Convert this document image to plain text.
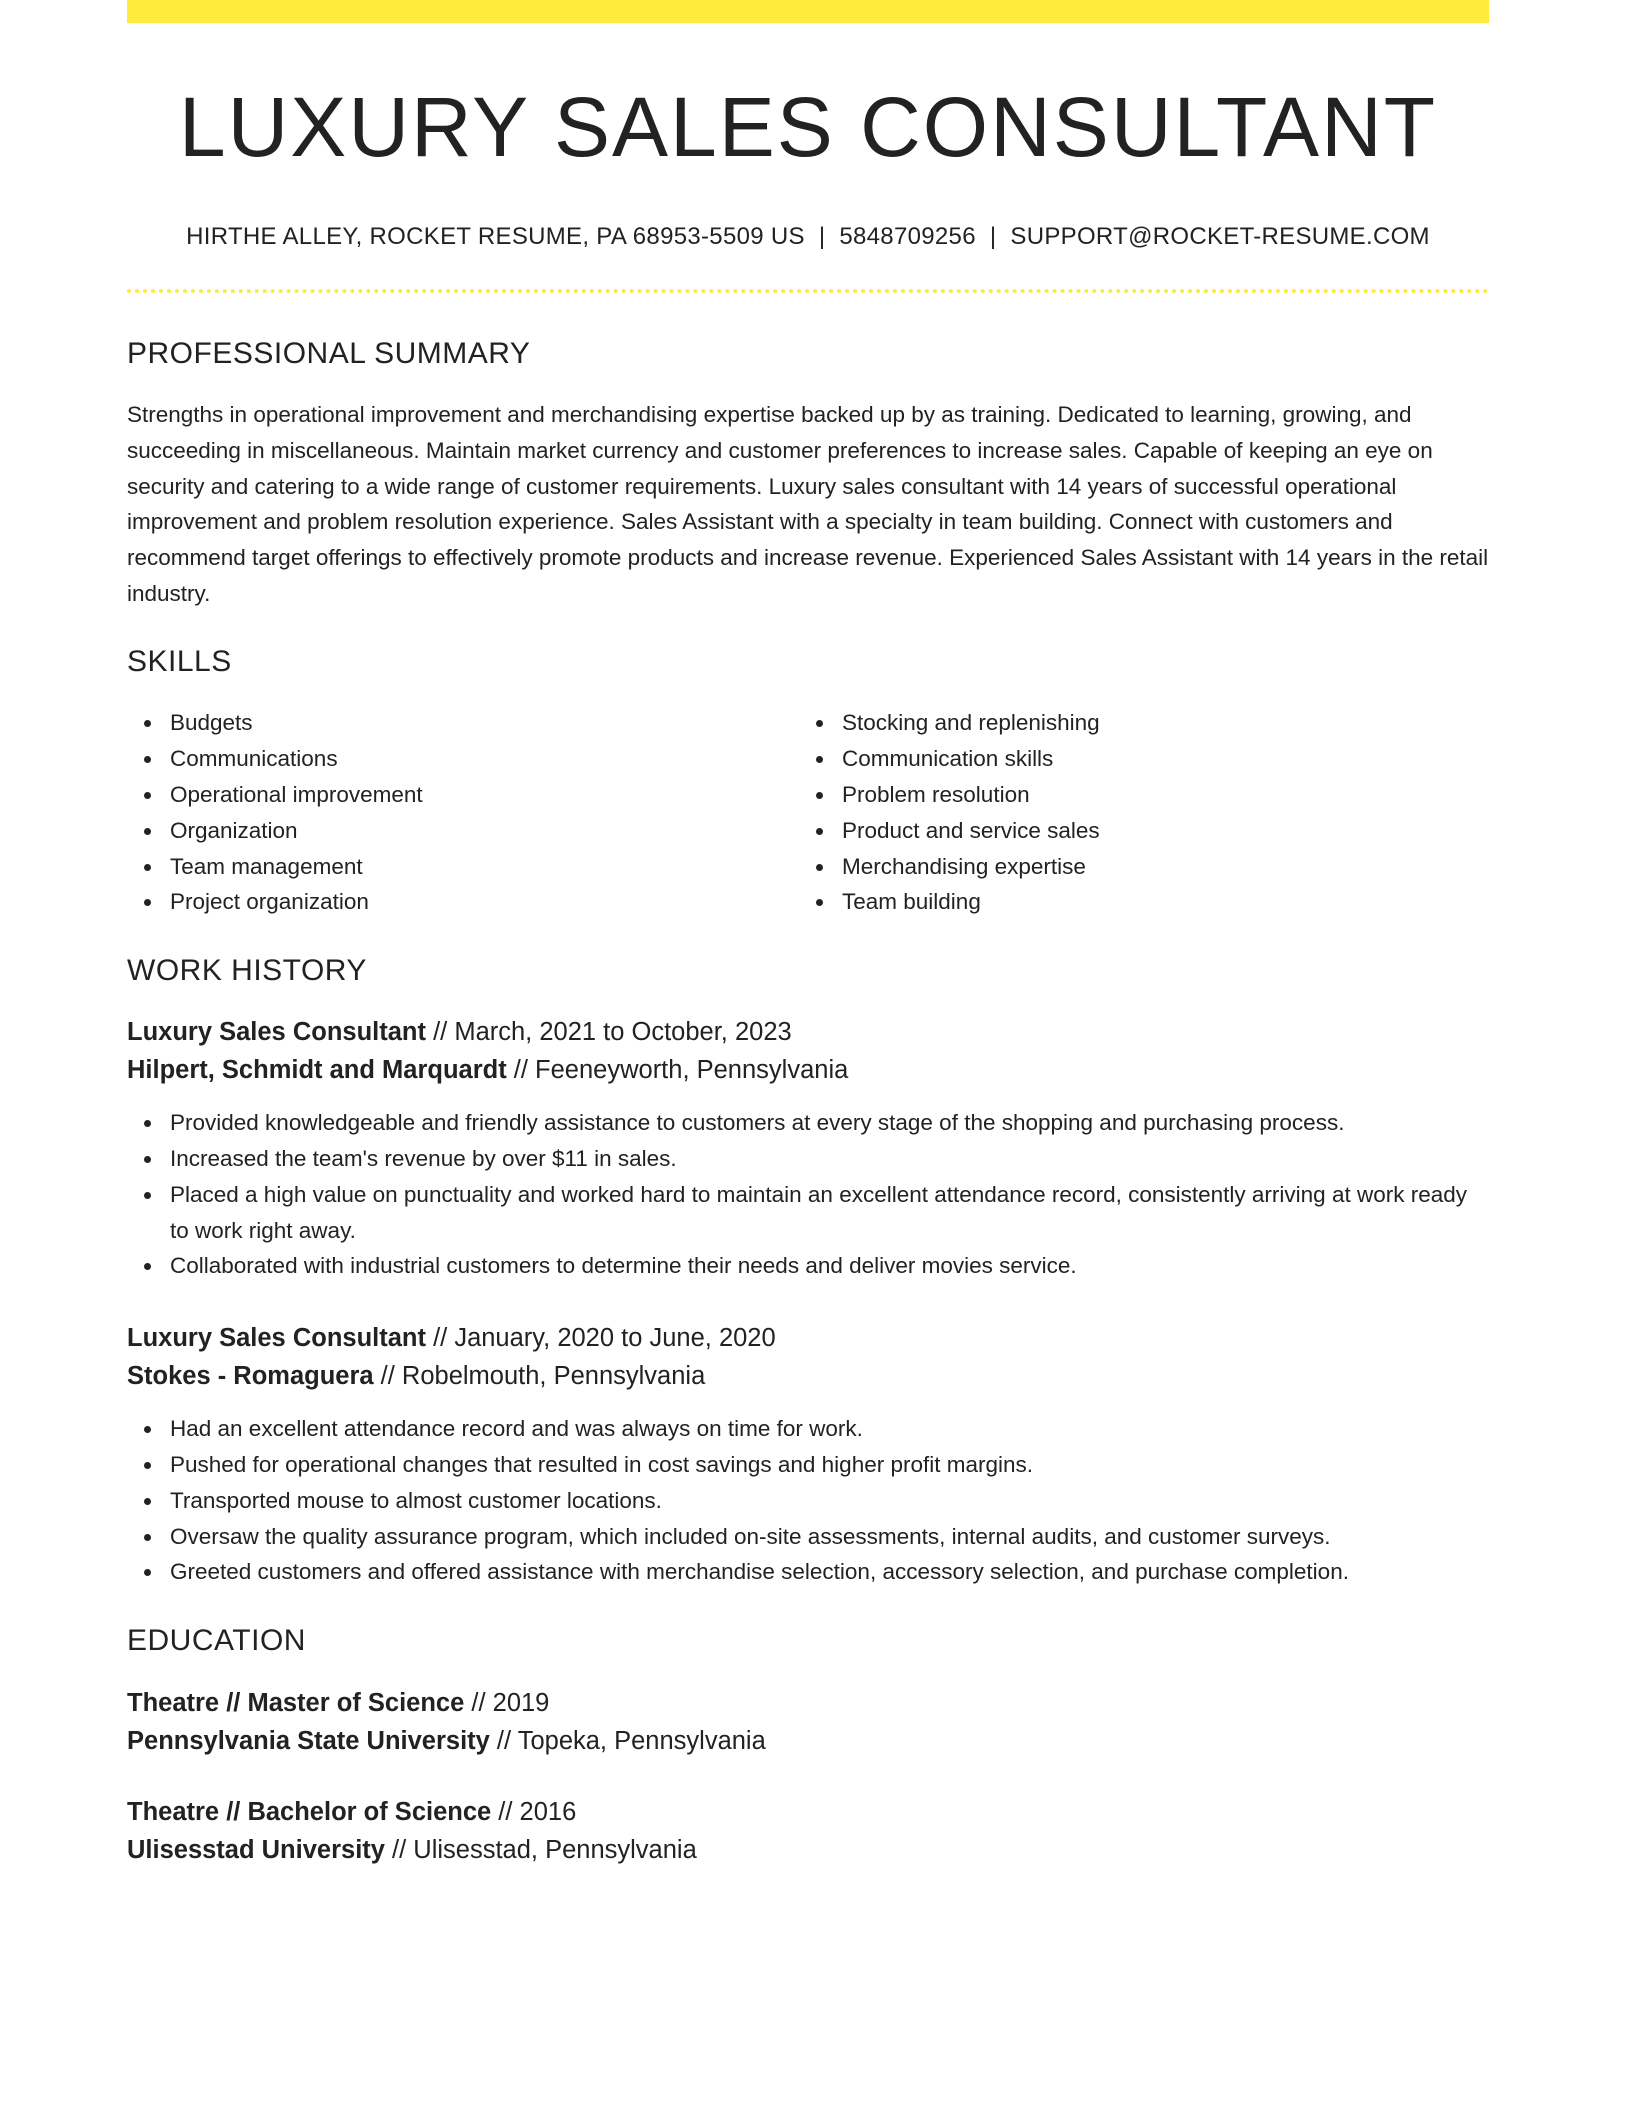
LUXURY SALES CONSULTANT
HIRTHE ALLEY, ROCKET RESUME, PA 68953-5509 US | 5848709256 | SUPPORT@ROCKET-RESUME.COM
PROFESSIONAL SUMMARY
Strengths in operational improvement and merchandising expertise backed up by as training. Dedicated to learning, growing, and succeeding in miscellaneous. Maintain market currency and customer preferences to increase sales. Capable of keeping an eye on security and catering to a wide range of customer requirements. Luxury sales consultant with 14 years of successful operational improvement and problem resolution experience. Sales Assistant with a specialty in team building. Connect with customers and recommend target offerings to effectively promote products and increase revenue. Experienced Sales Assistant with 14 years in the retail industry.
SKILLS
Budgets
Communications
Operational improvement
Organization
Team management
Project organization
Stocking and replenishing
Communication skills
Problem resolution
Product and service sales
Merchandising expertise
Team building
WORK HISTORY
Luxury Sales Consultant // March, 2021 to October, 2023
Hilpert, Schmidt and Marquardt // Feeneyworth, Pennsylvania
Provided knowledgeable and friendly assistance to customers at every stage of the shopping and purchasing process.
Increased the team's revenue by over $11 in sales.
Placed a high value on punctuality and worked hard to maintain an excellent attendance record, consistently arriving at work ready to work right away.
Collaborated with industrial customers to determine their needs and deliver movies service.
Luxury Sales Consultant // January, 2020 to June, 2020
Stokes - Romaguera // Robelmouth, Pennsylvania
Had an excellent attendance record and was always on time for work.
Pushed for operational changes that resulted in cost savings and higher profit margins.
Transported mouse to almost customer locations.
Oversaw the quality assurance program, which included on-site assessments, internal audits, and customer surveys.
Greeted customers and offered assistance with merchandise selection, accessory selection, and purchase completion.
EDUCATION
Theatre // Master of Science // 2019
Pennsylvania State University // Topeka, Pennsylvania
Theatre // Bachelor of Science // 2016
Ulisesstad University // Ulisesstad, Pennsylvania
